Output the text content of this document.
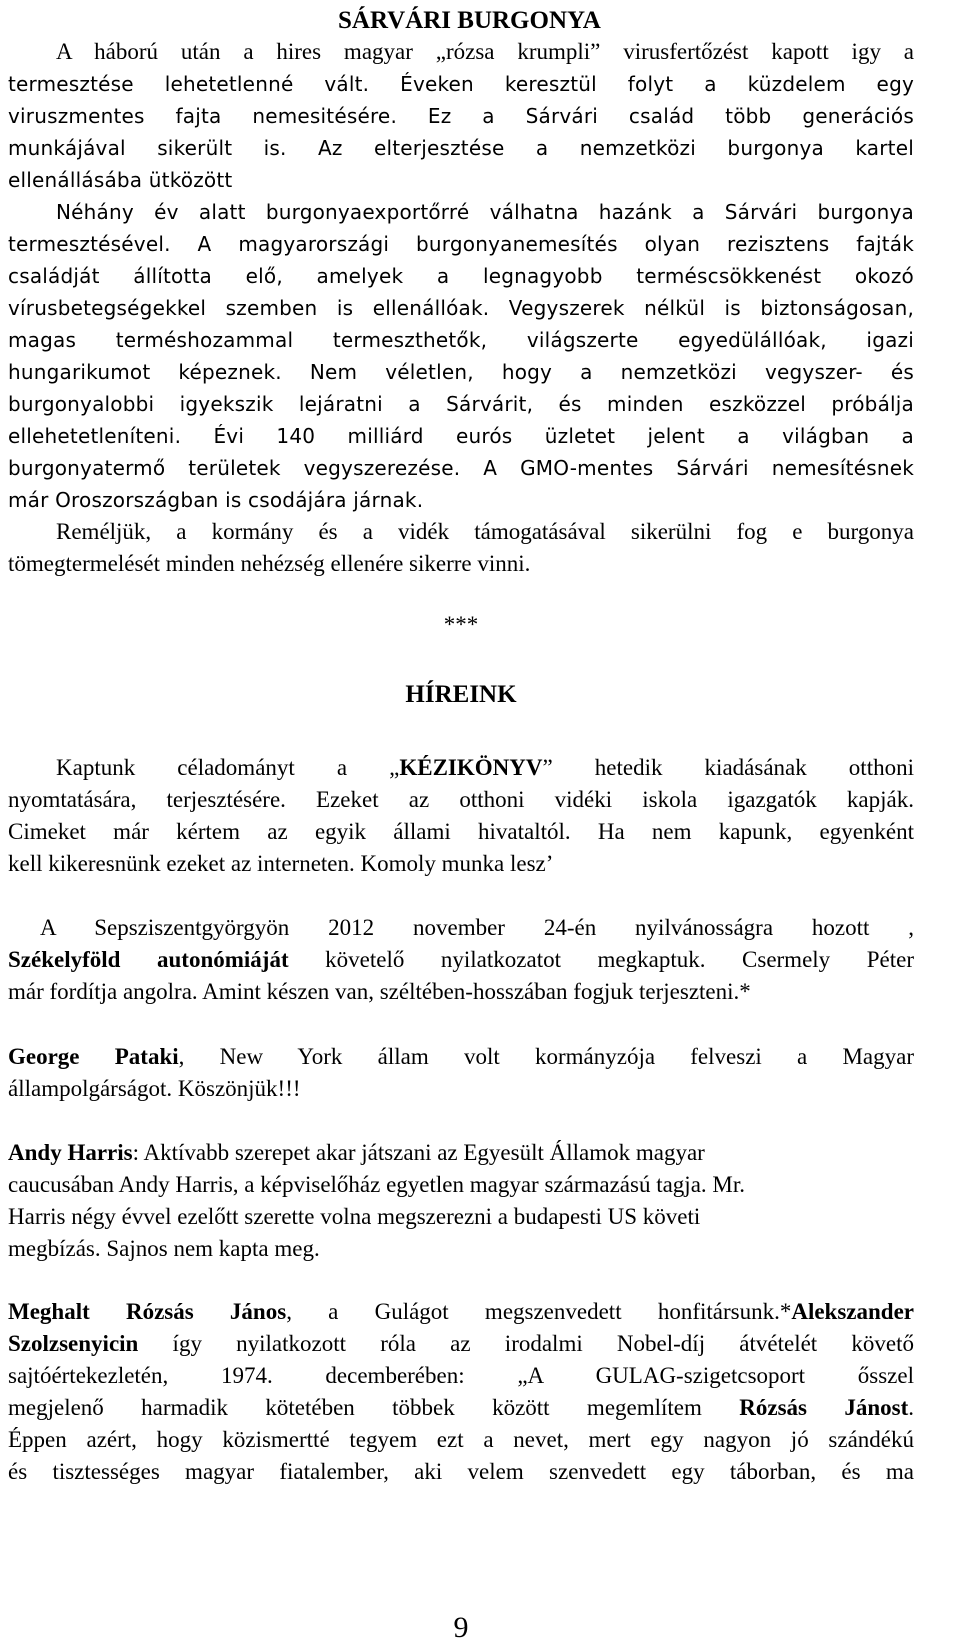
SÁRVÁRI BURGONYA
A háború után a hires magyar „rózsa krumpli” virusfertőzést kapott igy a
termesztése lehetetlenné vált. Éveken keresztül folyt a küzdelem egy
viruszmentes fajta nemesitésére. Ez a Sárvári család több generációs
munkájával sikerült is. Az elterjesztése a nemzetközi burgonya kartel
ellenállásába ütközött
Néhány év alatt burgonyaexportőrré válhatna hazánk a Sárvári burgonya
termesztésével. A magyarországi burgonyanemesítés olyan rezisztens fajták
családját állította elő, amelyek a legnagyobb terméscsökkenést okozó
vírusbetegségekkel szemben is ellenállóak. Vegyszerek nélkül is biztonságosan,
magas terméshozammal termeszthetők, világszerte egyedülállóak, igazi
hungarikumot képeznek. Nem véletlen, hogy a nemzetközi vegyszer- és
burgonyalobbi igyekszik lejáratni a Sárvárit, és minden eszközzel próbálja
ellehetetleníteni. Évi 140 milliárd eurós üzletet jelent a világban a
burgonyatermő területek vegyszerezése. A GMO-mentes Sárvári nemesítésnek
már Oroszországban is csodájára járnak.
Reméljük, a kormány és a vidék támogatásával sikerülni fog e burgonya
tömegtermelését minden nehézség ellenére sikerre vinni.
***
HÍREINK
Kaptunk céladományt a „KÉZIKÖNYV” hetedik kiadásának otthoni
nyomtatására, terjesztésére. Ezeket az otthoni vidéki iskola igazgatók kapják.
Cimeket már kértem az egyik állami hivataltól. Ha nem kapunk, egyenként
kell kikeresnünk ezeket az interneten. Komoly munka lesz’
A Sepsziszentgyörgyön 2012 november 24-én nyilvánosságra hozott ,
Székelyföld autonómiáját követelő nyilatkozatot megkaptuk. Csermely Péter
már fordítja angolra. Amint készen van, széltében-hosszában fogjuk terjeszteni.*
George Pataki, New York állam volt kormányzója felveszi a Magyar
állampolgárságot. Köszönjük!!!
Andy Harris: Aktívabb szerepet akar játszani az Egyesült Államok magyar
caucusában Andy Harris, a képviselőház egyetlen magyar származású tagja. Mr.
Harris négy évvel ezelőtt szerette volna megszerezni a budapesti US követi
megbízás. Sajnos nem kapta meg.
Meghalt Rózsás János, a Gulágot megszenvedett honfitársunk.*Alekszander
Szolzsenyicin így nyilatkozott róla az irodalmi Nobel-díj átvételét követő
sajtóértekezletén, 1974. decemberében: „A GULAG-szigetcsoport ősszel
megjelenő harmadik kötetében többek között megemlítem Rózsás Jánost.
Éppen azért, hogy közismertté tegyem ezt a nevet, mert egy nagyon jó szándékú
és tisztességes magyar fiatalember, aki velem szenvedett egy táborban, és ma
9
